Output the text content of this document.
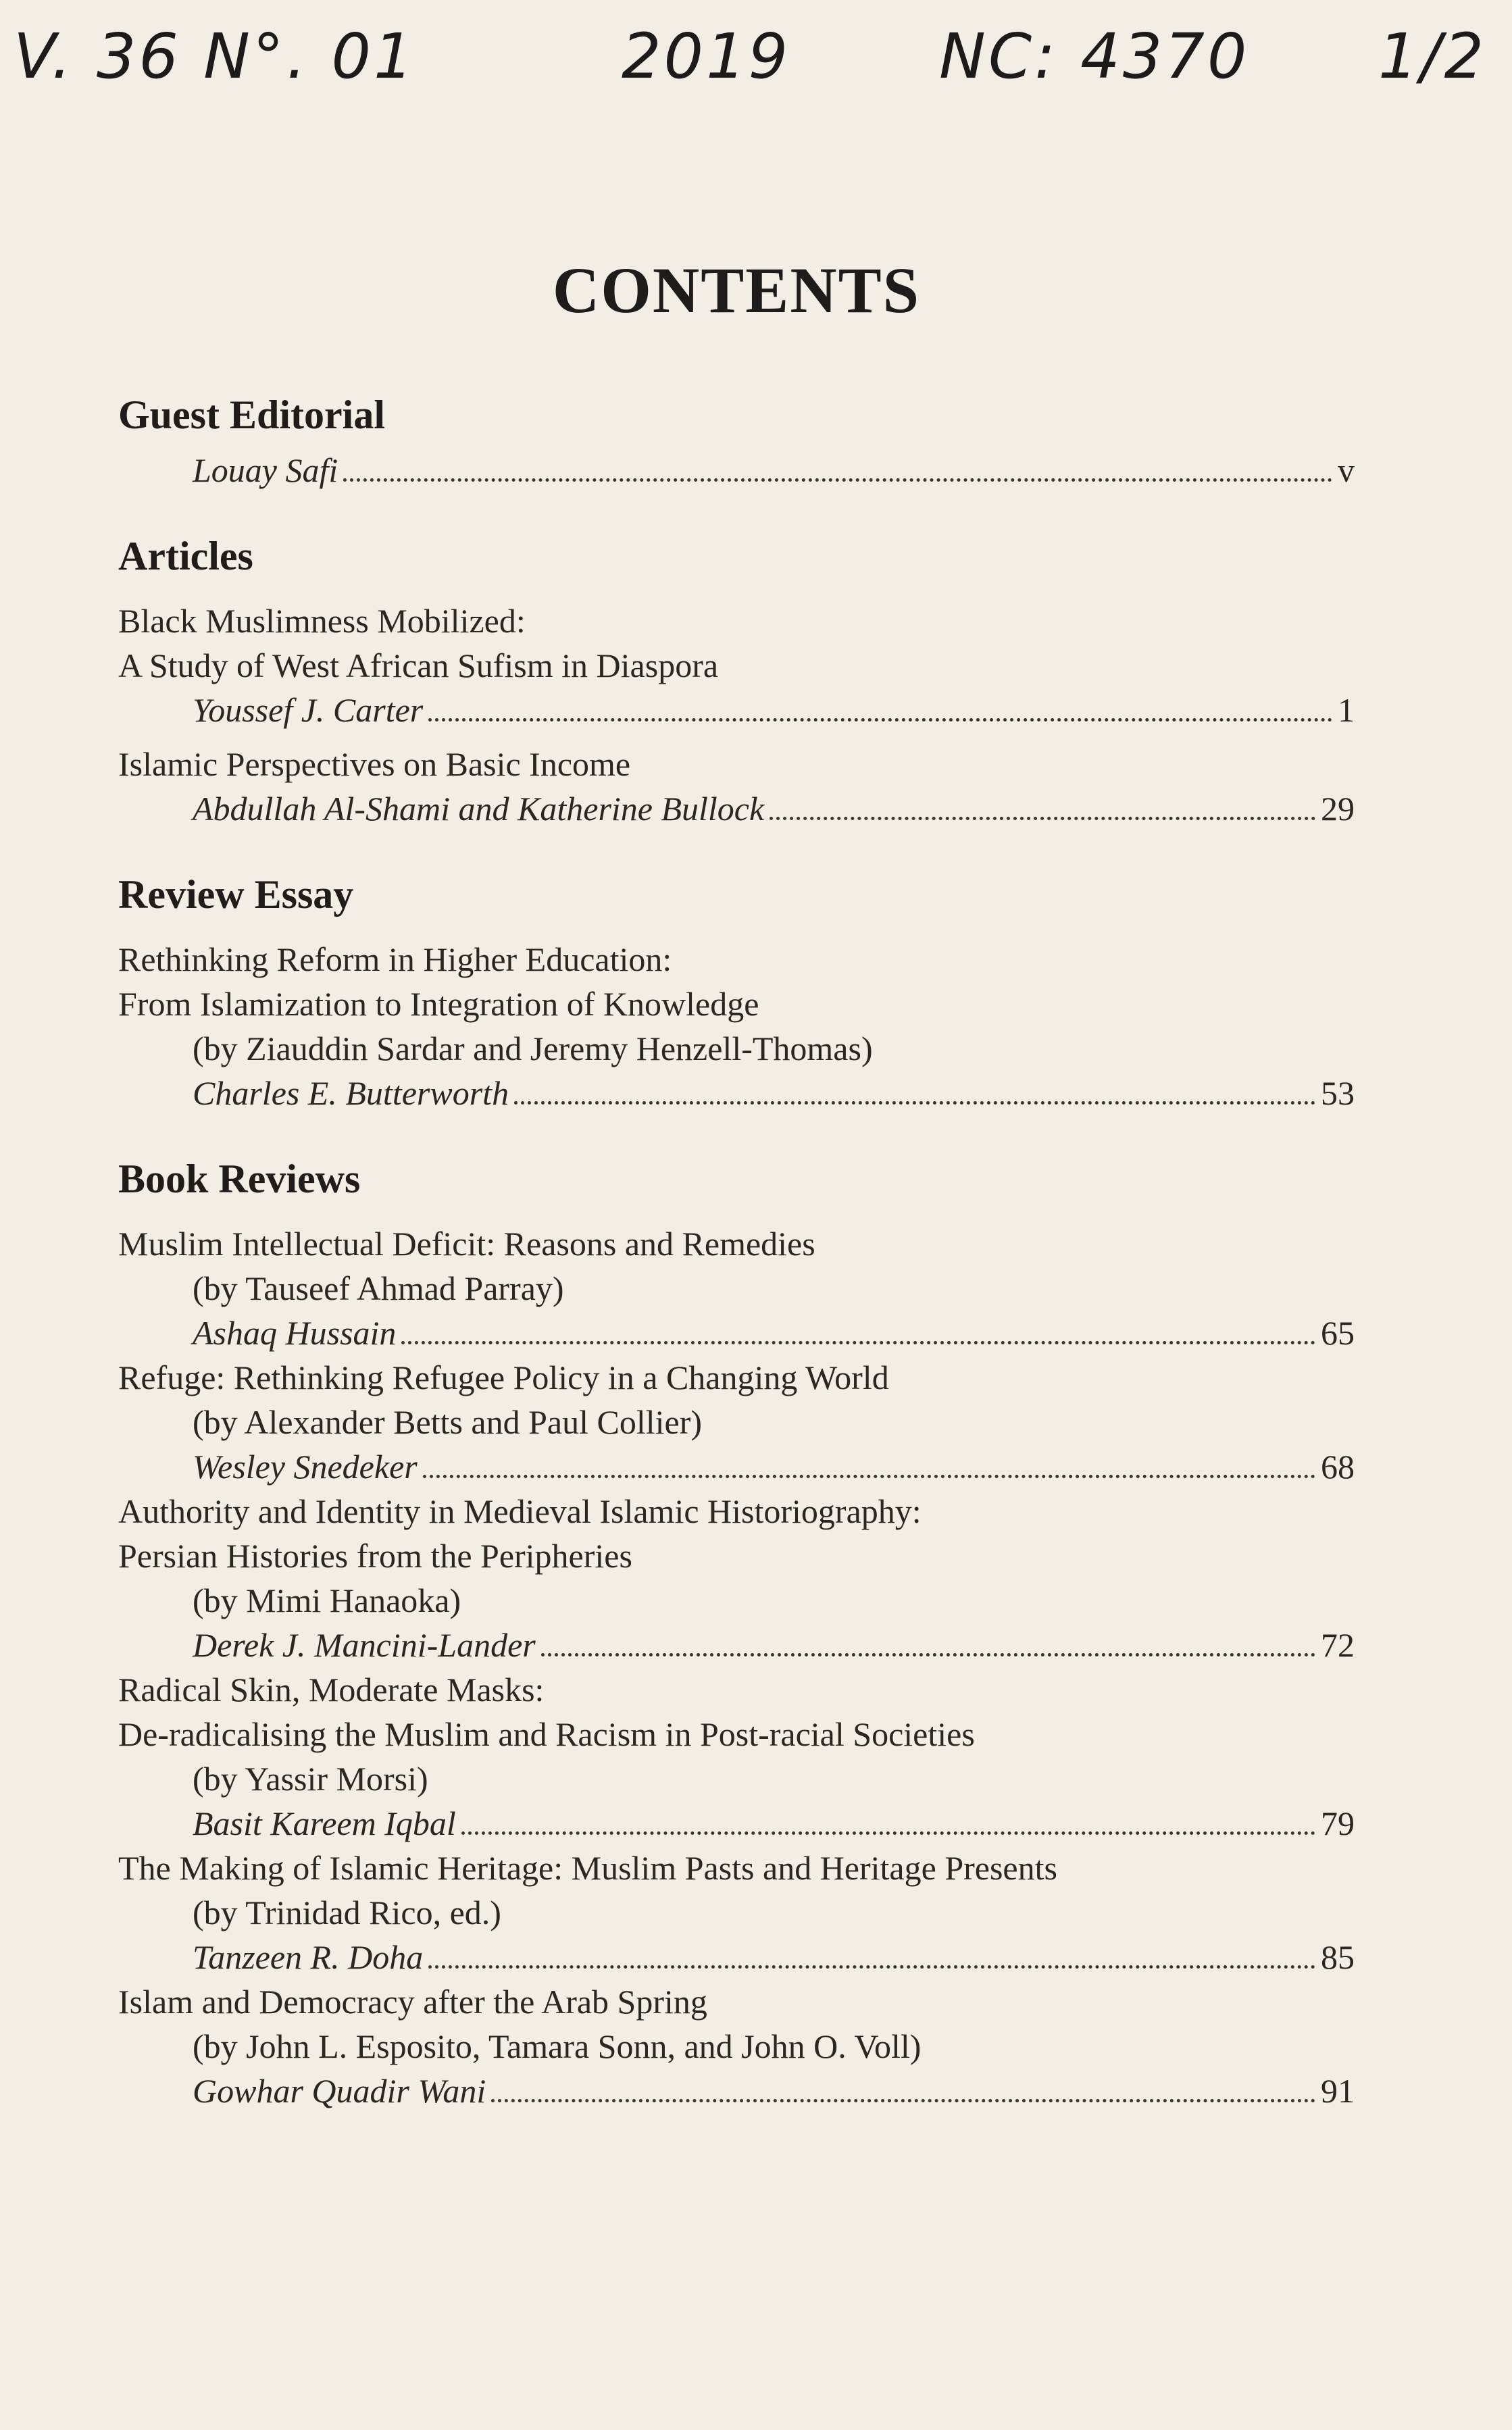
V. 36 N°. 01	2019 NC: 4370 1/2
CONTENTS
Guest Editorial
Louay Safi	v
Articles

Black Muslimness Mobilized:

A Study of West African Sufism in Diaspora

Youssef J. Carter	1

Islamic Perspectives on Basic Income

Abdullah Al-Shami and Katherine Bullock	29
Review Essay

Rethinking Reform in Higher Education:

From Islamization to Integration of Knowledge

(by Ziauddin Sardar and Jeremy Henzell-Thomas)

Charles E. Butterworth	53
Book Reviews

Muslim Intellectual Deficit: Reasons and Remedies

(by Tauseef Ahmad Parray)

Ashaq Hussain	65

Refuge: Rethinking Refugee Policy in a Changing World

(by Alexander Betts and Paul Collier)

Wesley Snedeker	68

Authority and Identity in Medieval Islamic Historiography:

Persian Histories from the Peripheries

(by Mimi Hanaoka)

Derek J. Mancini-Lander	72

Radical Skin, Moderate Masks:

De-radicalising the Muslim and Racism in Post-racial Societies

(by Yassir Morsi)

Basit Kareem Iqbal	79

The Making of Islamic Heritage: Muslim Pasts and Heritage Presents

(by Trinidad Rico, ed.)

Tanzeen R. Doha	85

Islam and Democracy after the Arab Spring

(by John L. Esposito, Tamara Sonn, and John O. Voll)

Gowhar Quadir Wani	91
